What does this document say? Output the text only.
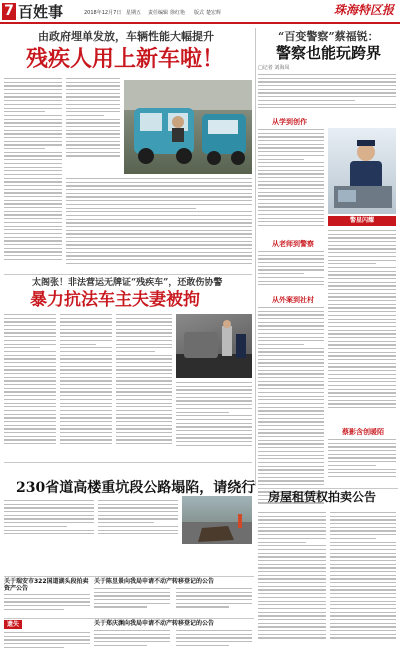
7 百姓事	2018年12月7日 星期五 责任编辑 徐红艳 版式 楚宏辉	珠海特区报
由政府埋单发放，车辆性能大幅提升
残疾人用上新车啦！
“百变警察”蔡福锐：
警察也能玩跨界
□记者 刘海凤
从学到创作
从老师到警察
从外案到社村
警星闪耀
蔡影含创暖陌
太阁张！非法营运无牌证“残疾车”，还敢伤协警
暴力抗法车主夫妻被拘
230省道高楼重坑段公路塌陷，请绕行
房屋租赁权拍卖公告
关于瑞安市322国道湖头段拍卖资产公告
关于陈昱景向我局申请不动产转移登记的公告
遗失	关于郑庆渊向我局申请不动产转移登记的公告
